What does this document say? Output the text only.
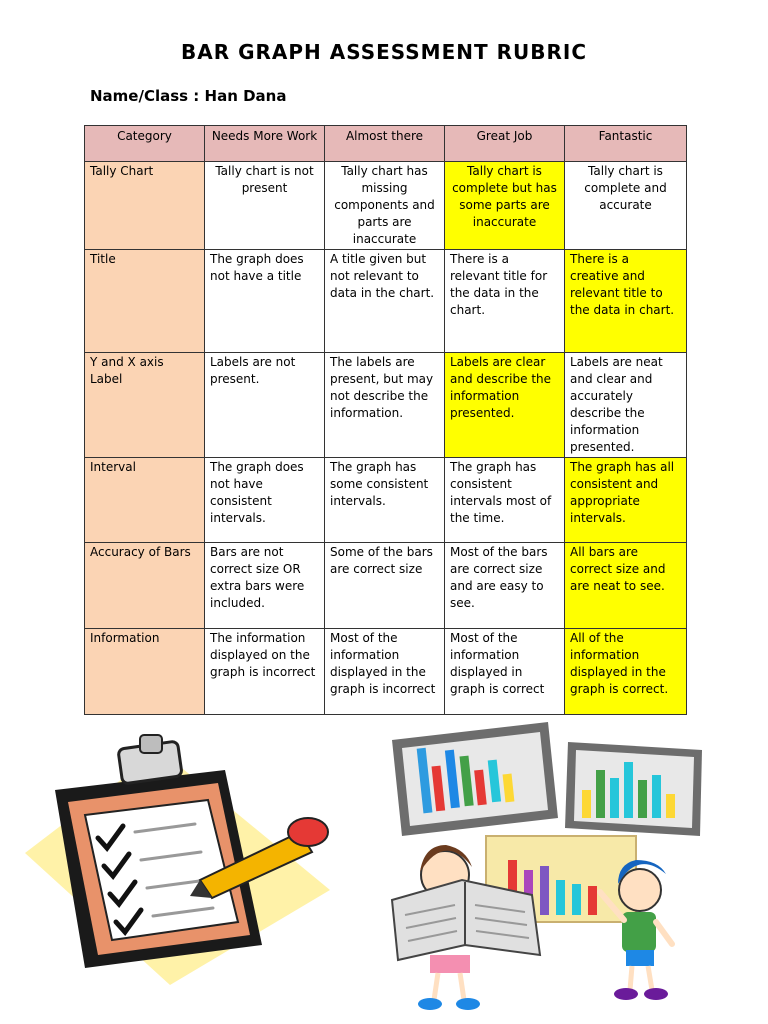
BAR GRAPH ASSESSMENT RUBRIC
Name/Class : Han Dana
Category	Needs More Work	Almost there	Great Job	Fantastic
Tally Chart	Tally chart is not present	Tally chart has missing components and parts are inaccurate	Tally chart is complete but has some parts are inaccurate	Tally chart is complete and accurate
Title	The graph does not have a title	A title given but not relevant to data in the chart.	There is a relevant title for the data in the chart.	There is a creative and relevant title to the data in chart.
Y and X axis Label	Labels are not present.	The labels are present, but may not describe the information.	Labels are clear and describe the information presented.	Labels are neat and clear and accurately describe the information presented.
Interval	The graph does not have consistent intervals.	The graph has some consistent intervals.	The graph has consistent intervals most of the time.	The graph has all consistent and appropriate intervals.
Accuracy of Bars	Bars are not correct size OR extra bars were included.	Some of the bars are correct size	Most of the bars are correct size and are easy to see.	All bars are correct size and are neat to see.
Information	The information displayed on the graph is incorrect	Most of the information displayed in the graph is incorrect	Most of the information displayed in graph is correct	All of the information displayed in the graph is correct.
